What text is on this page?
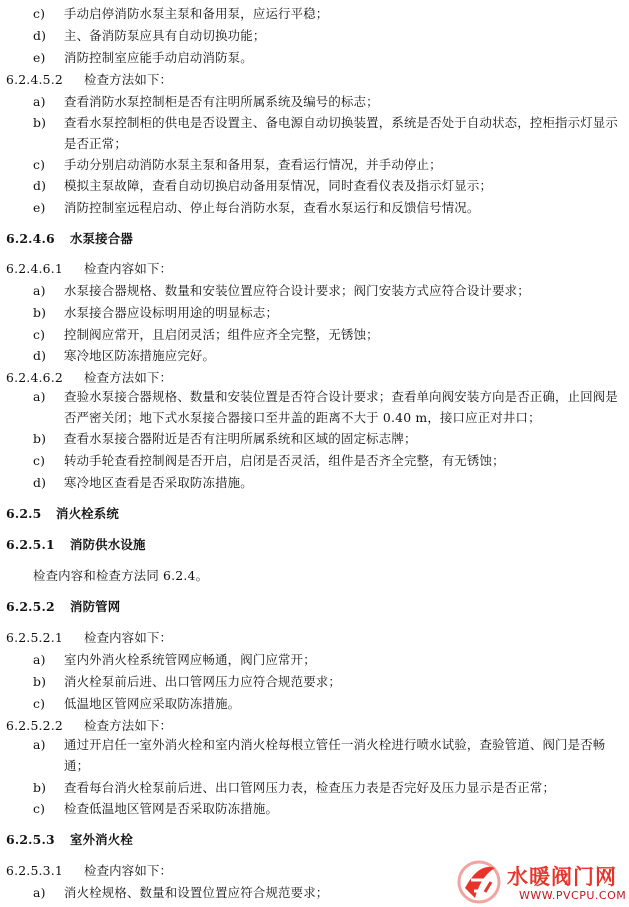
c)	手动启停消防水泵主泵和备用泵，应运行平稳；
d)	主、备消防泵应具有自动切换功能；
e)	消防控制室应能手动启动消防泵。
6.2.4.5.2 检查方法如下：
a)	查看消防水泵控制柜是否有注明所属系统及编号的标志；
b)	查看水泵控制柜的供电是否设置主、备电源自动切换装置，系统是否处于自动状态，控柜指示灯显示是否正常；
c)	手动分别启动消防水泵主泵和备用泵，查看运行情况，并手动停止；
d)	模拟主泵故障，查看自动切换启动备用泵情况，同时查看仪表及指示灯显示；
e)	消防控制室远程启动、停止每台消防水泵，查看水泵运行和反馈信号情况。
6.2.4.6 水泵接合器
6.2.4.6.1 检查内容如下：
a)	水泵接合器规格、数量和安装位置应符合设计要求；阀门安装方式应符合设计要求；
b)	水泵接合器应设标明用途的明显标志；
c)	控制阀应常开，且启闭灵活；组件应齐全完整，无锈蚀；
d)	寒冷地区防冻措施应完好。
6.2.4.6.2 检查方法如下：
a)	查验水泵接合器规格、数量和安装位置是否符合设计要求；查看单向阀安装方向是否正确，止回阀是否严密关闭；地下式水泵接合器接口至井盖的距离不大于 0.40 m，接口应正对井口；
b)	查看水泵接合器附近是否有注明所属系统和区域的固定标志牌；
c)	转动手轮查看控制阀是否开启，启闭是否灵活，组件是否齐全完整，有无锈蚀；
d)	寒冷地区查看是否采取防冻措施。
6.2.5 消火栓系统
6.2.5.1 消防供水设施
检查内容和检查方法同 6.2.4。
6.2.5.2 消防管网
6.2.5.2.1 检查内容如下：
a)	室内外消火栓系统管网应畅通，阀门应常开；
b)	消火栓泵前后进、出口管网压力应符合规范要求；
c)	低温地区管网应采取防冻措施。
6.2.5.2.2 检查方法如下：
a)	通过开启任一室外消火栓和室内消火栓每根立管任一消火栓进行喷水试验，查验管道、阀门是否畅通；
b)	查看每台消火栓泵前后进、出口管网压力表，检查压力表是否完好及压力显示是否正常；
c)	检查低温地区管网是否采取防冻措施。
6.2.5.3 室外消火栓
6.2.5.3.1 检查内容如下：
a)	消火栓规格、数量和设置位置应符合规范要求；
水暖阀门网
WWW.PVCPU.COM
